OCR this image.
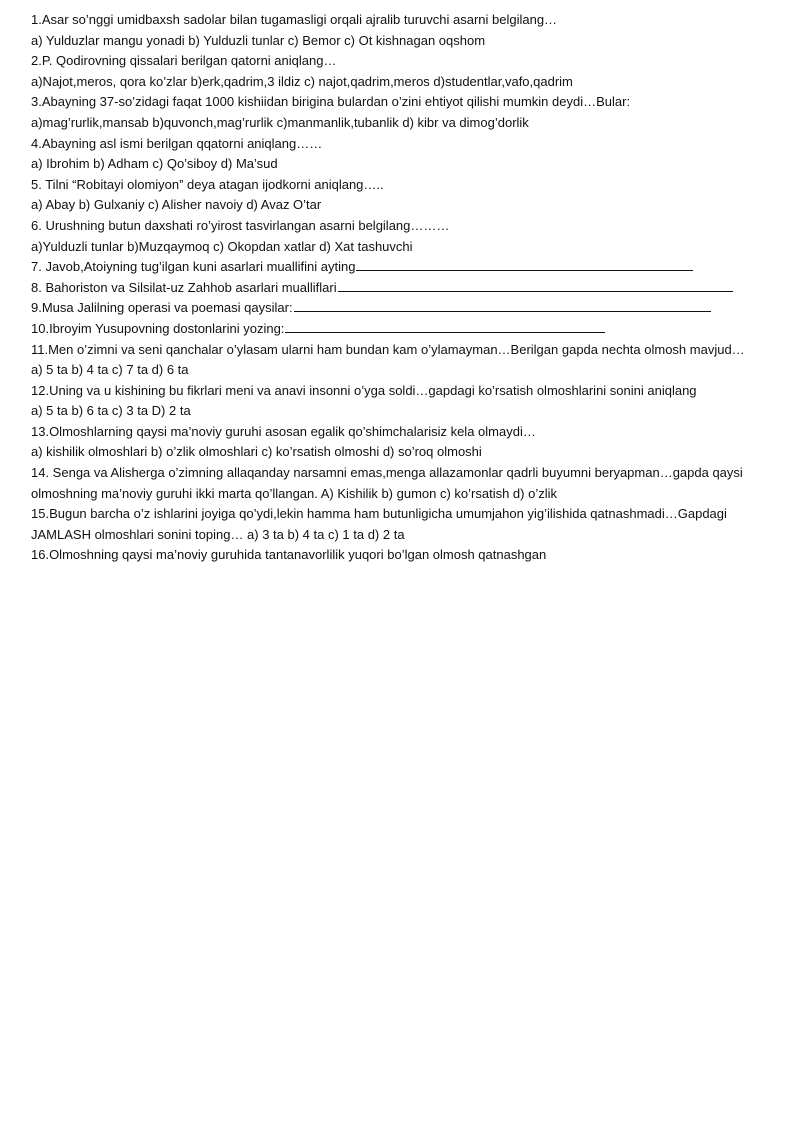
1.Asar so’nggi umidbaxsh sadolar bilan tugamasligi orqali ajralib turuvchi asarni belgilang…
a) Yulduzlar mangu yonadi b) Yulduzli tunlar c) Bemor c) Ot kishnagan oqshom
2.P. Qodirovning qissalari berilgan qatorni aniqlang…
a)Najot,meros, qora ko’zlar b)erk,qadrim,3 ildiz c) najot,qadrim,meros d)studentlar,vafo,qadrim
3.Abayning 37-so’zidagi faqat 1000 kishiidan birigina bulardan o’zini ehtiyot qilishi mumkin deydi…Bular:
a)mag’rurlik,mansab b)quvonch,mag’rurlik c)manmanlik,tubanlik d) kibr va dimog’dorlik
4.Abayning asl ismi berilgan qqatorni aniqlang……
a) Ibrohim b) Adham c) Qo’siboy d) Ma’sud
5. Tilni “Robitayi olomiyon” deya atagan ijodkorni aniqlang…..
a) Abay b) Gulxaniy c) Alisher navoiy d) Avaz O’tar
6. Urushning butun daxshati ro’yirost tasvirlangan asarni belgilang………
a)Yulduzli tunlar b)Muzqaymoq c) Okopdan xatlar d) Xat tashuvchi
7. Javob,Atoiyning tug’ilgan kuni asarlari muallifini ayting
8. Bahoriston va Silsilat-uz Zahhob asarlari mualliflari
9.Musa Jalilning operasi va poemasi qaysilar:
10.Ibroyim Yusupovning dostonlarini yozing:
11.Men o’zimni va seni qanchalar o’ylasam ularni ham bundan kam o’ylamayman…Berilgan gapda nechta olmosh mavjud…
a) 5 ta b) 4 ta c) 7 ta d) 6 ta
12.Uning va u kishining bu fikrlari meni va anavi insonni o’yga soldi…gapdagi ko’rsatish olmoshlarini sonini aniqlang
a) 5 ta b) 6 ta c) 3 ta D) 2 ta
13.Olmoshlarning qaysi ma’noviy guruhi asosan egalik qo’shimchalarisiz kela olmaydi…
a) kishilik olmoshlari b) o’zlik olmoshlari c) ko’rsatish olmoshi d) so’roq olmoshi
14. Senga va Alisherga o’zimning allaqanday narsamni emas,menga allazamonlar qadrli buyumni beryapman…gapda qaysi
olmoshning ma’noviy guruhi ikki marta qo’llangan. A) Kishilik b) gumon c) ko’rsatish d) o’zlik
15.Bugun barcha o’z ishlarini joyiga qo’ydi,lekin hamma ham butunligicha umumjahon yig’ilishida qatnashmadi…Gapdagi
JAMLASH olmoshlari sonini toping… a) 3 ta b) 4 ta c) 1 ta d) 2 ta
16.Olmoshning qaysi ma’noviy guruhida tantanavorlilik yuqori bo’lgan olmosh qatnashgan
